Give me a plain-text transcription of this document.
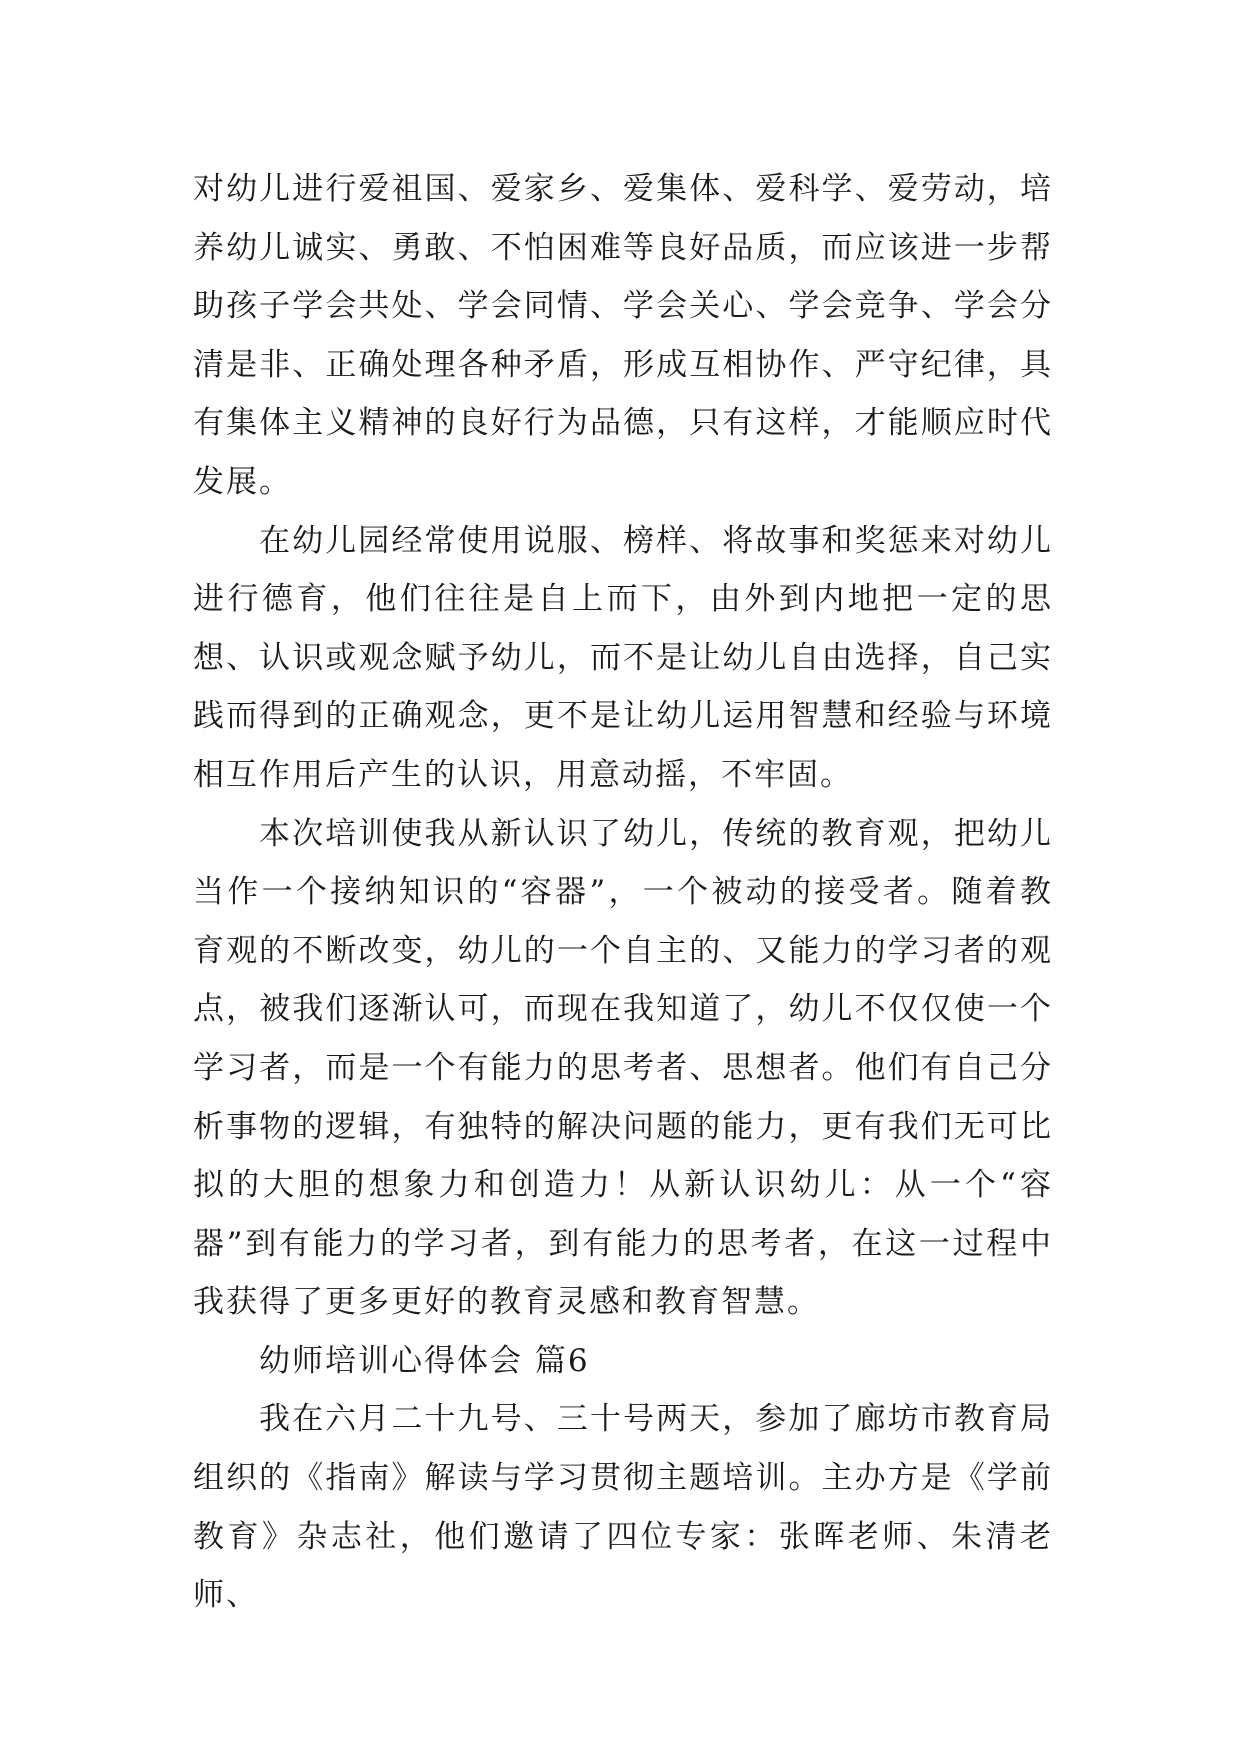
对幼儿进行爱祖国、爱家乡、爱集体、爱科学、爱劳动，培养幼儿诚实、勇敢、不怕困难等良好品质，而应该进一步帮助孩子学会共处、学会同情、学会关心、学会竞争、学会分清是非、正确处理各种矛盾，形成互相协作、严守纪律，具有集体主义精神的良好行为品德，只有这样，才能顺应时代发展。

在幼儿园经常使用说服、榜样、将故事和奖惩来对幼儿进行德育，他们往往是自上而下，由外到内地把一定的思想、认识或观念赋予幼儿，而不是让幼儿自由选择，自己实践而得到的正确观念，更不是让幼儿运用智慧和经验与环境相互作用后产生的认识，用意动摇，不牢固。

本次培训使我从新认识了幼儿，传统的教育观，把幼儿当作一个接纳知识的“容器”，一个被动的接受者。随着教育观的不断改变，幼儿的一个自主的、又能力的学习者的观点，被我们逐渐认可，而现在我知道了，幼儿不仅仅使一个学习者，而是一个有能力的思考者、思想者。他们有自己分析事物的逻辑，有独特的解决问题的能力，更有我们无可比拟的大胆的想象力和创造力！从新认识幼儿：从一个“容器”到有能力的学习者，到有能力的思考者，在这一过程中我获得了更多更好的教育灵感和教育智慧。

幼师培训心得体会 篇6

我在六月二十九号、三十号两天，参加了廊坊市教育局组织的《指南》解读与学习贯彻主题培训。主办方是《学前教育》杂志社，他们邀请了四位专家：张晖老师、朱清老师、
